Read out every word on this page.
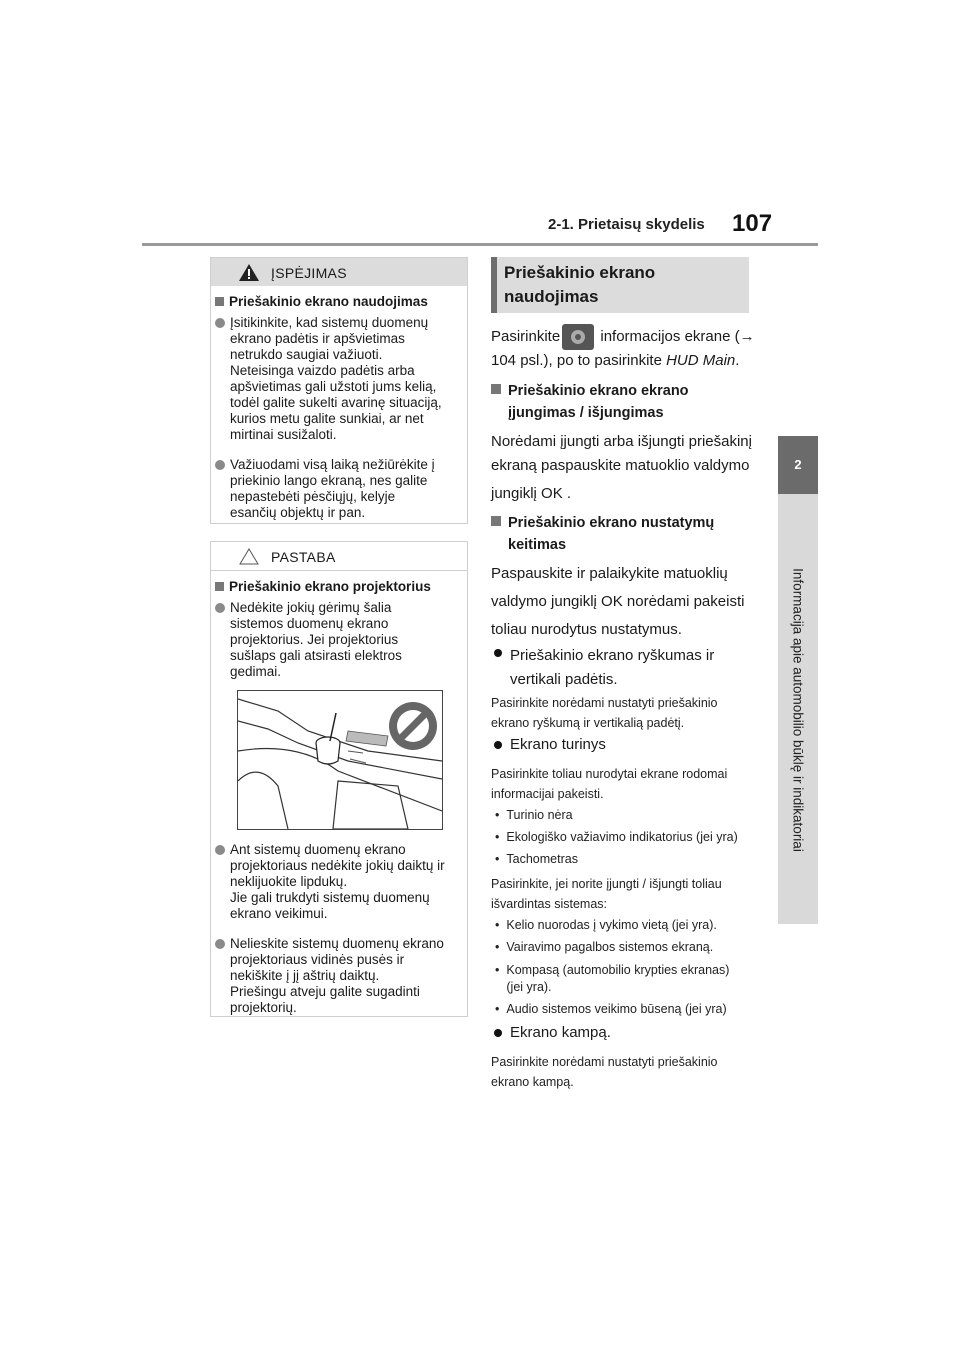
2-1. Prietaisų skydelis 107
2
Informacija apie automobilio būklę ir indikatoriai
ĮSPĖJIMAS
Priešakinio ekrano naudojimas
Įsitikinkite, kad sistemų duomenų
ekrano padėtis ir apšvietimas
netrukdo saugiai važiuoti.
Neteisinga vaizdo padėtis arba
apšvietimas gali užstoti jums kelią,
todėl galite sukelti avarinę situaciją,
kurios metu galite sunkiai, ar net
mirtinai susižaloti.
Važiuodami visą laiką nežiūrėkite į
priekinio lango ekraną, nes galite
nepastebėti pėsčiųjų, kelyje
esančių objektų ir pan.
PASTABA
Priešakinio ekrano projektorius
Nedėkite jokių gėrimų šalia
sistemos duomenų ekrano
projektorius. Jei projektorius
sušlaps gali atsirasti elektros
gedimai.
Ant sistemų duomenų ekrano
projektoriaus nedėkite jokių daiktų ir
neklijuokite lipdukų.
Jie gali trukdyti sistemų duomenų
ekrano veikimui.
Nelieskite sistemų duomenų ekrano
projektoriaus vidinės pusės ir
nekiškite į jį aštrių daiktų.
Priešingu atveju galite sugadinti
projektorių.
Priešakinio ekrano
naudojimas
Pasirinkite	informacijos ekrane (→
104 psl.), po to pasirinkite HUD Main.
Priešakinio ekrano ekrano
įjungimas / išjungimas
Norėdami įjungti arba išjungti priešakinį
ekraną paspauskite matuoklio valdymo
jungiklį OK .
Priešakinio ekrano nustatymų
keitimas
Paspauskite ir palaikykite matuoklių
valdymo jungiklį OK norėdami pakeisti
toliau nurodytus nustatymus.
Priešakinio ekrano ryškumas ir
vertikali padėtis.
Pasirinkite norėdami nustatyti priešakinio
ekrano ryškumą ir vertikalią padėtį.
Ekrano turinys
Pasirinkite toliau nurodytai ekrane rodomai
informacijai pakeisti.
• Turinio nėra
• Ekologiško važiavimo indikatorius (jei yra)
• Tachometras
Pasirinkite, jei norite įjungti / išjungti toliau
išvardintas sistemas:
• Kelio nuorodas į vykimo vietą (jei yra).
• Vairavimo pagalbos sistemos ekraną.
• Kompasą (automobilio krypties ekranas)
(jei yra).
• Audio sistemos veikimo būseną (jei yra)
Ekrano kampą.
Pasirinkite norėdami nustatyti priešakinio
ekrano kampą.
